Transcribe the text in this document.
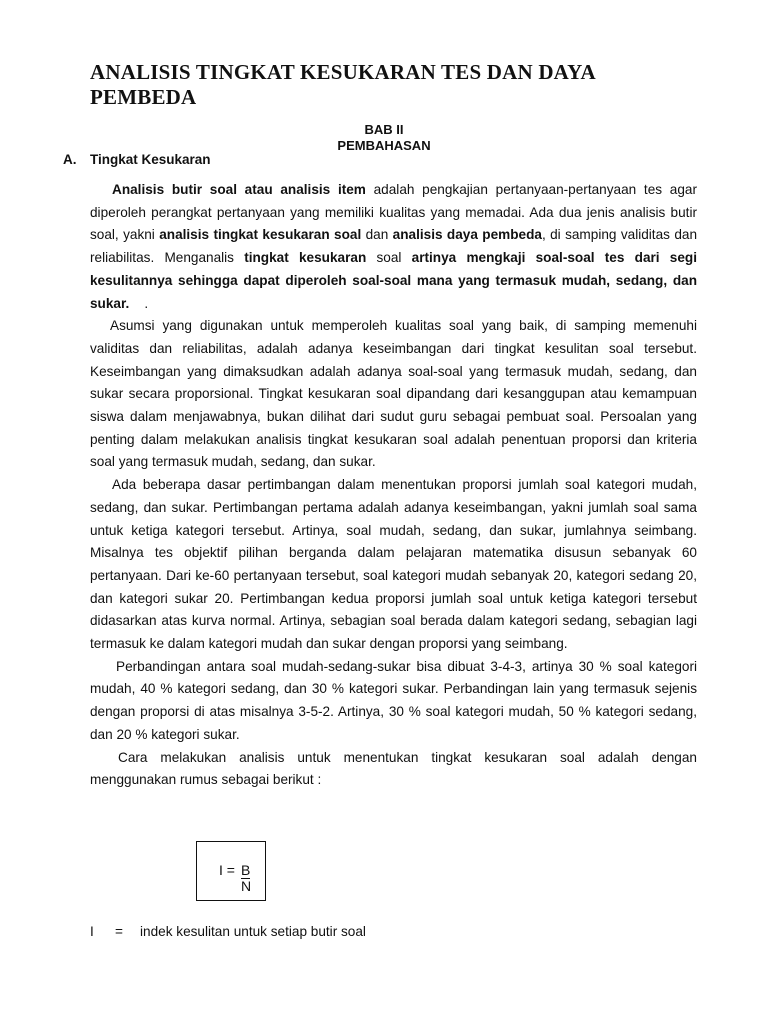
ANALISIS TINGKAT KESUKARAN TES DAN DAYA PEMBEDA
BAB II
PEMBAHASAN
A. Tingkat Kesukaran

Analisis butir soal atau analisis item adalah pengkajian pertanyaan-pertanyaan tes agar diperoleh perangkat pertanyaan yang memiliki kualitas yang memadai. Ada dua jenis analisis butir soal, yakni analisis tingkat kesukaran soal dan analisis daya pembeda, di samping validitas dan reliabilitas. Menganalis tingkat kesukaran soal artinya mengkaji soal-soal tes dari segi kesulitannya sehingga dapat diperoleh soal-soal mana yang termasuk mudah, sedang, dan sukar.    .

Asumsi yang digunakan untuk memperoleh kualitas soal yang baik, di samping memenuhi validitas dan reliabilitas, adalah adanya keseimbangan dari tingkat kesulitan soal tersebut. Keseimbangan yang dimaksudkan adalah adanya soal-soal yang termasuk mudah, sedang, dan sukar secara proporsional. Tingkat kesukaran soal dipandang dari kesanggupan atau kemampuan siswa dalam menjawabnya, bukan dilihat dari sudut guru sebagai pembuat soal. Persoalan yang penting dalam melakukan analisis tingkat kesukaran soal adalah penentuan proporsi dan kriteria soal yang termasuk mudah, sedang, dan sukar.

Ada beberapa dasar pertimbangan dalam menentukan proporsi jumlah soal kategori mudah, sedang, dan sukar. Pertimbangan pertama adalah adanya keseimbangan, yakni jumlah soal sama untuk ketiga kategori tersebut. Artinya, soal mudah, sedang, dan sukar, jumlahnya seimbang. Misalnya tes objektif pilihan berganda dalam pelajaran matematika disusun sebanyak 60 pertanyaan. Dari ke-60 pertanyaan tersebut, soal kategori mudah sebanyak 20, kategori sedang 20, dan kategori sukar 20. Pertimbangan kedua proporsi jumlah soal untuk ketiga kategori tersebut didasarkan atas kurva normal. Artinya, sebagian soal berada dalam kategori sedang, sebagian lagi termasuk ke dalam kategori mudah dan sukar dengan proporsi yang seimbang.

Perbandingan antara soal mudah-sedang-sukar bisa dibuat 3-4-3, artinya 30 % soal kategori mudah, 40 % kategori sedang, dan 30 % kategori sukar. Perbandingan lain yang termasuk sejenis dengan proporsi di atas misalnya 3-5-2. Artinya, 30 % soal kategori mudah, 50 % kategori sedang, dan 20 % kategori sukar.

Cara melakukan analisis untuk menentukan tingkat kesukaran soal adalah dengan menggunakan rumus sebagai berikut :

I = B
N
I = indek kesulitan untuk setiap butir soal
